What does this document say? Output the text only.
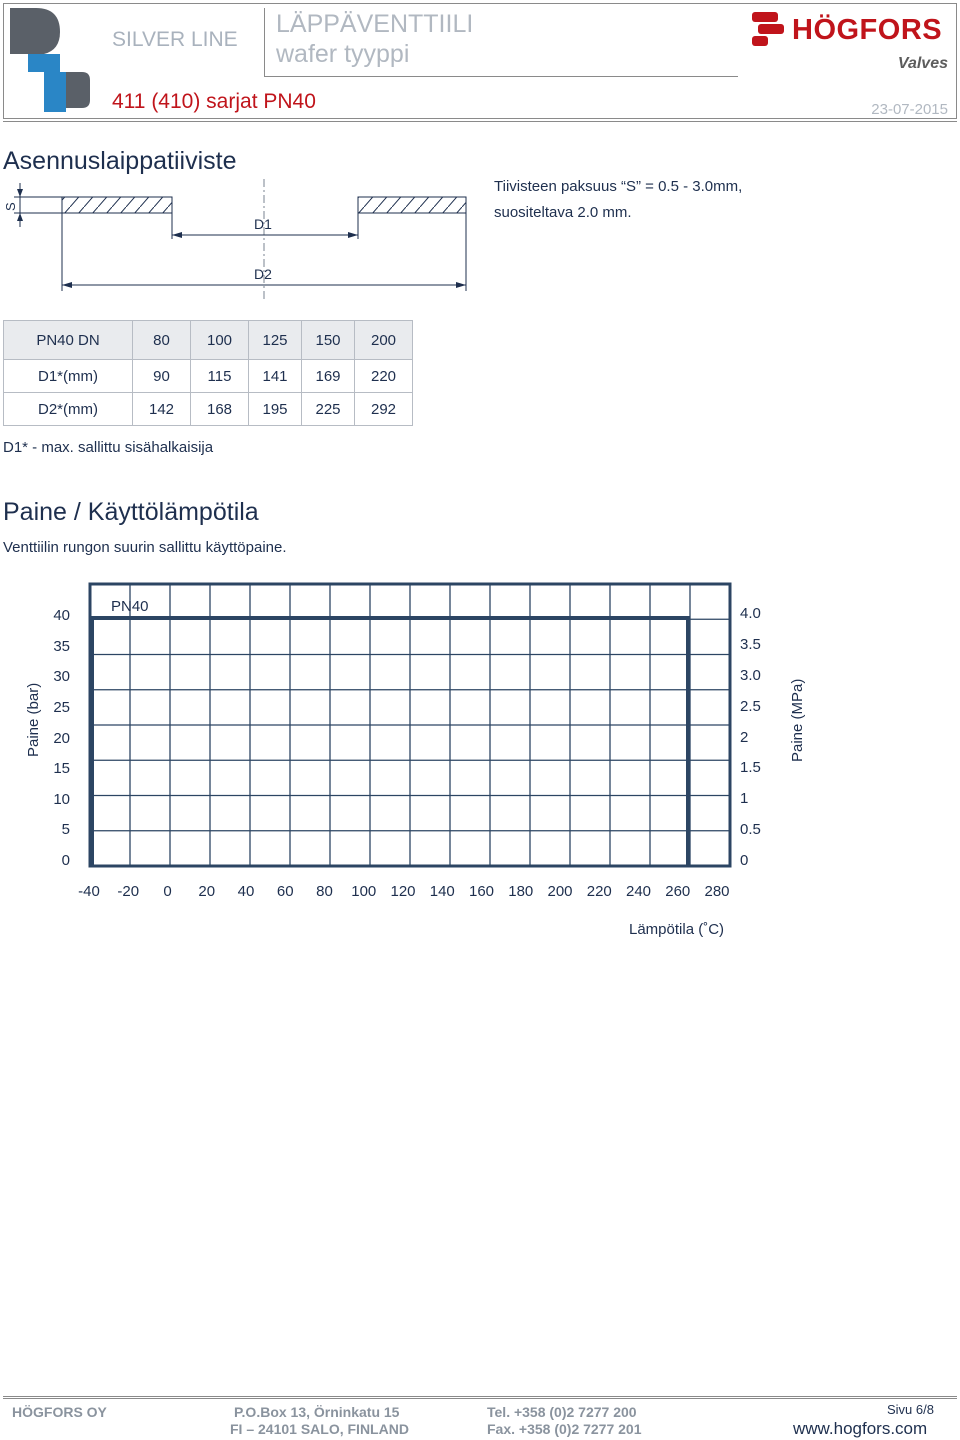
SILVER LINE
LÄPPÄVENTTIILI
wafer tyyppi
411 (410) sarjat PN40	23-07-2015
HÖGFORS
Valves
Asennuslaippatiiviste
S
D1
D2
Tiivisteen paksuus “S” = 0.5 - 3.0mm,
suositeltava 2.0 mm.
PN40 DN	80	100	125	150	200
D1*(mm)	90	115	141	169	220
D2*(mm)	142	168	195	225	292
D1* - max. sallittu sisähalkaisija
Paine / Käyttölämpötila
Venttiilin rungon suurin sallittu käyttöpaine.
40
35
30
25
20
15
10
5
0
4.0
3.5
3.0
2.5
2
1.5
1
0.5
0
-40	-20	0	20	40	60	80	100 120 140 160 180 200 220 240 260 280
PN40
Paine (bar)	Paine (MPa)
Lämpötila (˚C)
HÖGFORS OY	P.O.Box 13, Örninkatu 15
FI – 24101 SALO, FINLAND
Tel. +358 (0)2 7277 200
Fax. +358 (0)2 7277 201
Sivu 6/8
www.hogfors.com
